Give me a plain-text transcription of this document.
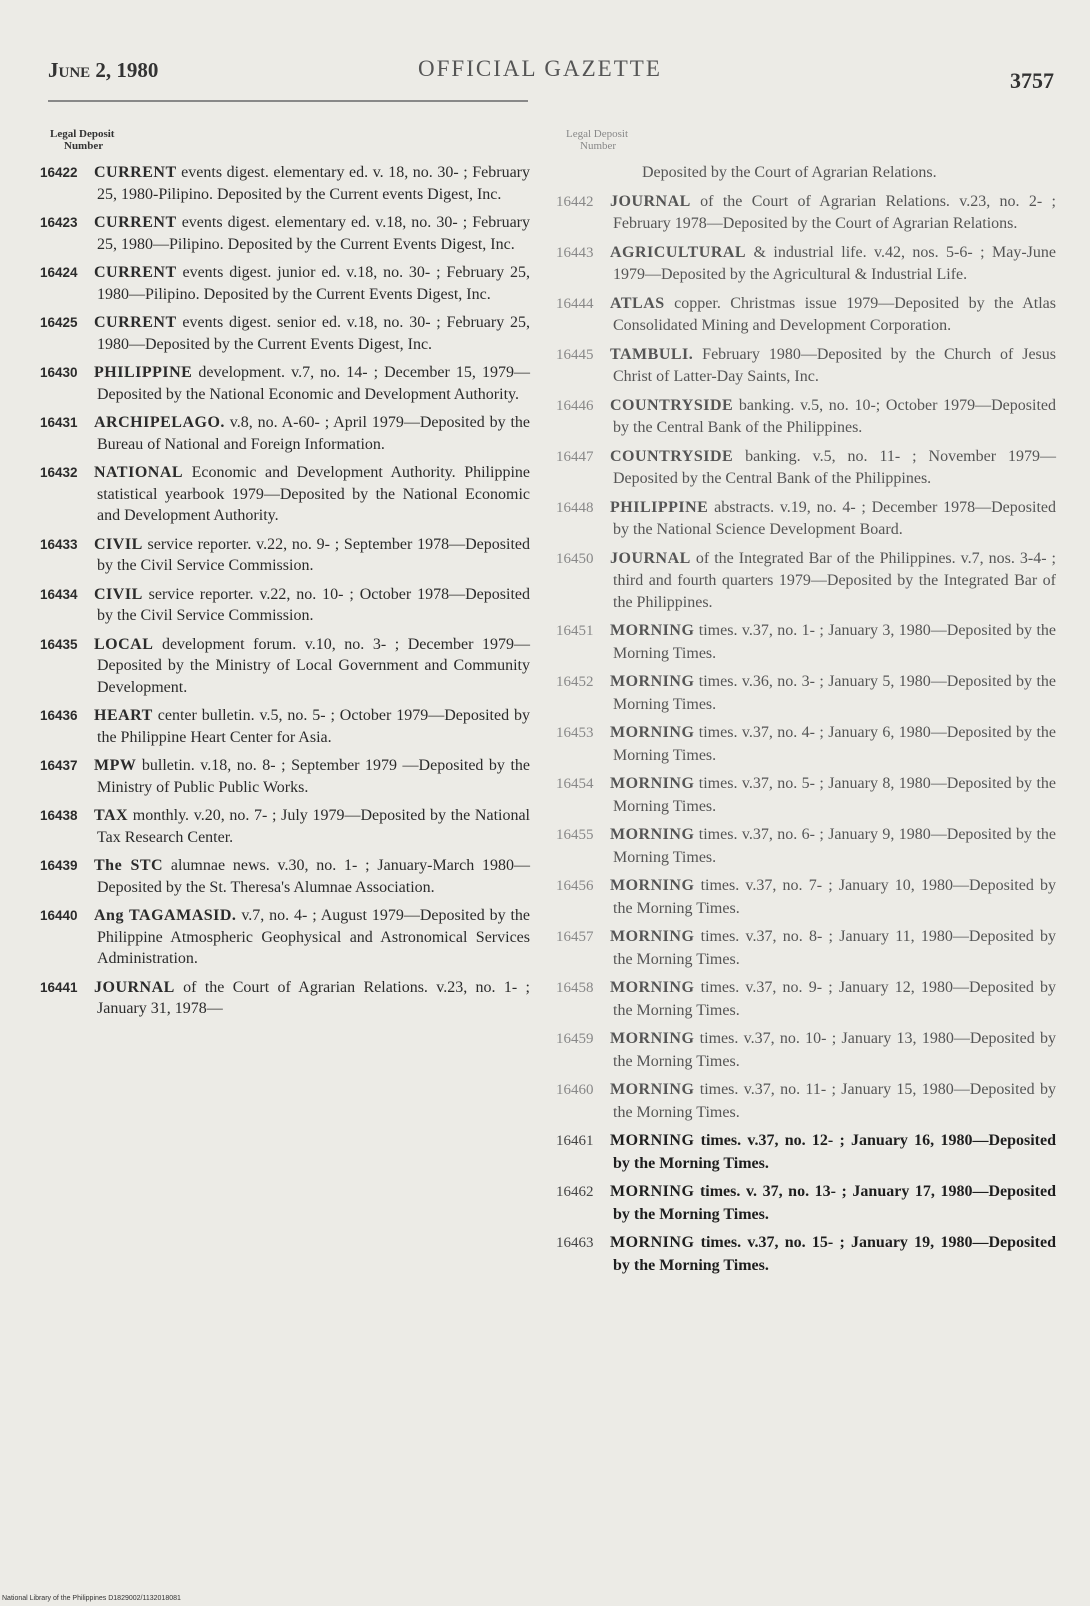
June 2, 1980	OFFICIAL GAZETTE	3757
Legal Deposit
Number
16422 CURRENT events digest. elementary ed. v. 18, no. 30- ; February 25, 1980-Pilipino. Deposited by the Current events Digest, Inc.
16423 CURRENT events digest. elementary ed. v.18, no. 30- ; February 25, 1980—Pilipino. Deposited by the Current Events Digest, Inc.
16424 CURRENT events digest. junior ed. v.18, no. 30- ; February 25, 1980—Pilipino. Deposited by the Current Events Digest, Inc.
16425 CURRENT events digest. senior ed. v.18, no. 30- ; February 25, 1980—Deposited by the Current Events Digest, Inc.
16430 PHILIPPINE development. v.7, no. 14- ; December 15, 1979—Deposited by the National Economic and Development Authority.
16431 ARCHIPELAGO. v.8, no. A-60- ; April 1979—Deposited by the Bureau of National and Foreign Information.
16432 NATIONAL Economic and Development Authority. Philippine statistical yearbook 1979—Deposited by the National Economic and Development Authority.
16433 CIVIL service reporter. v.22, no. 9- ; September 1978—Deposited by the Civil Service Commission.
16434 CIVIL service reporter. v.22, no. 10- ; October 1978—Deposited by the Civil Service Commission.
16435 LOCAL development forum. v.10, no. 3- ; December 1979—Deposited by the Ministry of Local Government and Community Development.
16436 HEART center bulletin. v.5, no. 5- ; October 1979—Deposited by the Philippine Heart Center for Asia.
16437 MPW bulletin. v.18, no. 8- ; September 1979 —Deposited by the Ministry of Public Public Works.
16438 TAX monthly. v.20, no. 7- ; July 1979—Deposited by the National Tax Research Center.
16439 The STC alumnae news. v.30, no. 1- ; January-March 1980—Deposited by the St. Theresa's Alumnae Association.
16440 Ang TAGAMASID. v.7, no. 4- ; August 1979—Deposited by the Philippine Atmospheric Geophysical and Astronomical Services Administration.
16441 JOURNAL of the Court of Agrarian Relations. v.23, no. 1- ; January 31, 1978—
Legal Deposit
Number
Deposited by the Court of Agrarian Relations.
16442 JOURNAL of the Court of Agrarian Relations. v.23, no. 2- ; February 1978—Deposited by the Court of Agrarian Relations.
16443 AGRICULTURAL & industrial life. v.42, nos. 5-6- ; May-June 1979—Deposited by the Agricultural & Industrial Life.
16444 ATLAS copper. Christmas issue 1979—Deposited by the Atlas Consolidated Mining and Development Corporation.
16445 TAMBULI. February 1980—Deposited by the Church of Jesus Christ of Latter-Day Saints, Inc.
16446 COUNTRYSIDE banking. v.5, no. 10-; October 1979—Deposited by the Central Bank of the Philippines.
16447 COUNTRYSIDE banking. v.5, no. 11- ; November 1979—Deposited by the Central Bank of the Philippines.
16448 PHILIPPINE abstracts. v.19, no. 4- ; December 1978—Deposited by the National Science Development Board.
16450 JOURNAL of the Integrated Bar of the Philippines. v.7, nos. 3-4- ; third and fourth quarters 1979—Deposited by the Integrated Bar of the Philippines.
16451 MORNING times. v.37, no. 1- ; January 3, 1980—Deposited by the Morning Times.
16452 MORNING times. v.36, no. 3- ; January 5, 1980—Deposited by the Morning Times.
16453 MORNING times. v.37, no. 4- ; January 6, 1980—Deposited by the Morning Times.
16454 MORNING times. v.37, no. 5- ; January 8, 1980—Deposited by the Morning Times.
16455 MORNING times. v.37, no. 6- ; January 9, 1980—Deposited by the Morning Times.
16456 MORNING times. v.37, no. 7- ; January 10, 1980—Deposited by the Morning Times.
16457 MORNING times. v.37, no. 8- ; January 11, 1980—Deposited by the Morning Times.
16458 MORNING times. v.37, no. 9- ; January 12, 1980—Deposited by the Morning Times.
16459 MORNING times. v.37, no. 10- ; January 13, 1980—Deposited by the Morning Times.
16460 MORNING times. v.37, no. 11- ; January 15, 1980—Deposited by the Morning Times.
16461 MORNING times. v.37, no. 12- ; January 16, 1980—Deposited by the Morning Times.
16462 MORNING times. v. 37, no. 13- ; January 17, 1980—Deposited by the Morning Times.
16463 MORNING times. v.37, no. 15- ; January 19, 1980—Deposited by the Morning Times.
National Library of the Philippines D1829002/1132018081
